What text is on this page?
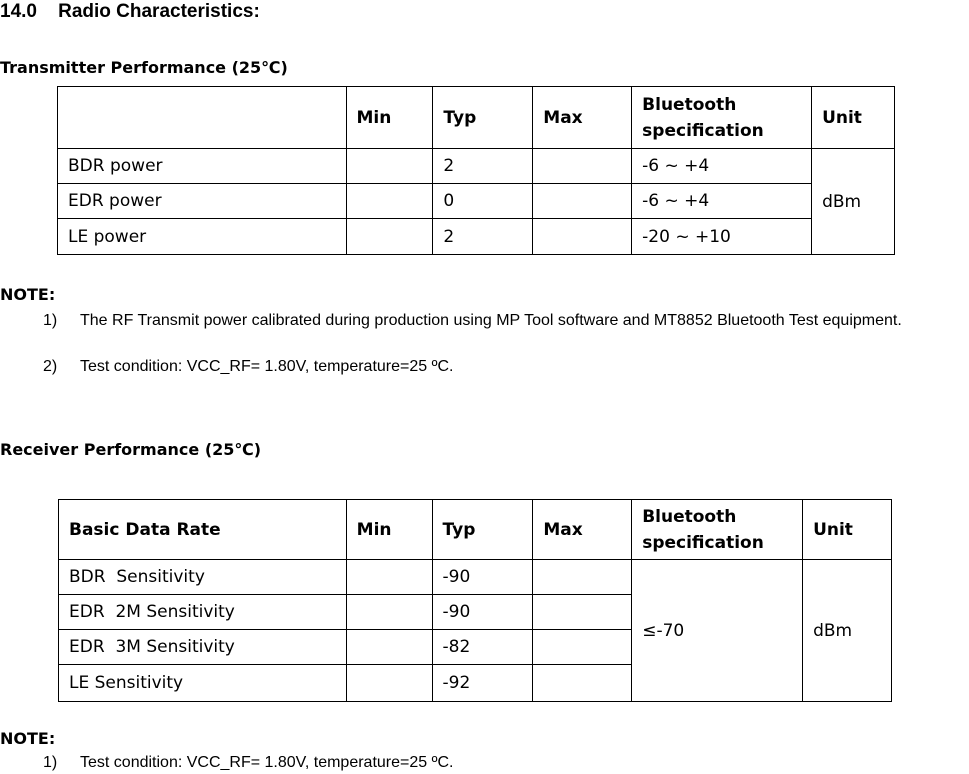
14.0    Radio Characteristics:
Transmitter Performance (25℃)
	Min	Typ	Max	Bluetooth specification	Unit
BDR power		2		-6 ~ +4	dBm
EDR power		0		-6 ~ +4	
LE power		2		-20 ~ +10	
NOTE:
1) The RF Transmit power calibrated during production using MP Tool software and MT8852 Bluetooth Test equipment.
2) Test condition: VCC_RF= 1.80V, temperature=25 ºC.
Receiver Performance (25℃)
Basic Data Rate	Min	Typ	Max	Bluetooth specification	Unit
BDR  Sensitivity		-90		≤-70	dBm
EDR  2M Sensitivity		-90			
EDR  3M Sensitivity		-82			
LE Sensitivity		-92			
NOTE:
1) Test condition: VCC_RF= 1.80V, temperature=25 ºC.
